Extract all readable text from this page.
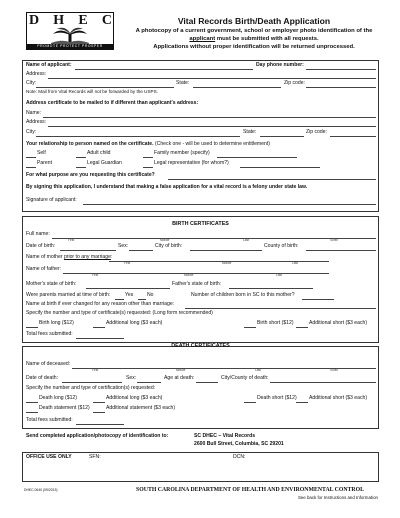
D H E C
PROMOTE PROTECT PROSPER
Vital Records Birth/Death Application
A photocopy of a current government, school or employer photo identification of the
applicant must be submitted with all requests.
Applications without proper identification will be returned unprocessed.
Name of applicant:	Day phone number:
Address:
City:	State:	Zip code:
Note: Mail from Vital Records will not be forwarded by the USPS.
Address certificate to be mailed to if different than applicant's address:
Name:
Address:
City:	State:	Zip code:
Your relationship to person named on the certificate. (Check one - will be used to determine entitlement)
Self	Adult child	Family member (specify)
Parent	Legal Guardian	Legal representative (for whom?)
For what purpose are you requesting this certificate?
By signing this application, I understand that making a false application for a vital record is a felony under state law.
Signature of applicant:
BIRTH CERTIFICATES
Full name:
First	Middle	Last	Suffix
Date of birth:	Sex:	City of birth:	County of birth:
Name of mother prior to any marriage:
First	Middle	Last
Name of father:
First	Middle	Last
Mother's state of birth:	Father's state of birth:
Were parents married at time of birth:	Yes	No	Number of children born in SC to this mother?
Name at birth if ever changed for any reason other than marriage:
Specify the number and type of certificate(s) requested: (Long form recommended)
Birth long ($12)	Additional long ($3 each)	Birth short ($12)	Additional short ($3 each)
Total fees submitted:
DEATH CERTIFICATES
Name of deceased:
First	Middle	Last	Suffix
Date of death:	Sex:	Age at death:	City/County of death:
Specify the number and type of certification(s) requested:
Death long ($12)	Additional long ($3 each)	Death short ($12) Additional short ($3 each)
Death statement ($12)	Additional statement ($3 each)
Total fees submitted:
Send completed application/photocopy of identification to:	SC DHEC – Vital Records
2600 Bull Street, Columbia, SC 29201
OFFICE USE ONLY	SFN:	DCN:
DHEC 0640 (09/2013)	SOUTH CAROLINA DEPARTMENT OF HEALTH AND ENVIRONMENTAL CONTROL
See back for Instructions and Information
